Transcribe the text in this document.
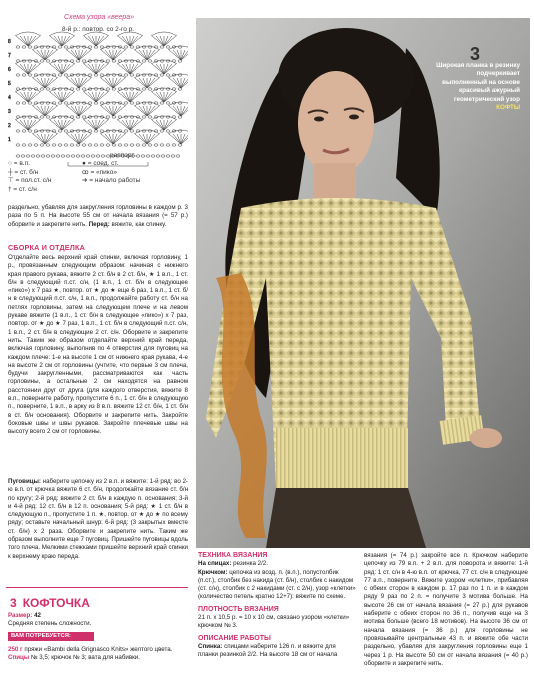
Схема узора «веера»
8-й р.: повтор. со 2-го р.
8
7
6
5
4
3
2
1
раппорт
○ = в.п.	● = соед. ст.
┼ = ст. б/н	ꝏ = «пико»
⊤ = пол.ст. с/н	➔ = начало работы
† = ст. с/н
раздельно, убавляя для закругления горловины в каждом р. 3 раза по 5 п. На высоте 55 см от начала вязания (= 57 р.) оборвите и закрепите нить. Перед: вяжите, как спинку.
СБОРКА И ОТДЕЛКА
Отделайте весь верхний край спинки, включая горловину, 1 р., провязанным следующим образом: начиная с нижнего края правого рукава, вяжите 2 ст. б/н в 2 ст. б/н, ★ 1 в.п., 1 ст. б/н в следующий п.ст. с/н, (1 в.п., 1 ст. б/н в следующее «пико») х 7 раз ★, повтор. от ★ до ★ еще 6 раз, 1 в.п., 1 ст. б/н в следующий п.ст. с/н, 1 в.п., продолжайте работу ст. б/н на петлях горловины, затем на следующем плече и на левом рукаве вяжите (1 в.п., 1 ст. б/н в следующее «пико») х 7 раз, повтор. от ★ до ★ 7 раз, 1 в.п., 1 ст. б/н в следующий п.ст. с/н, 1 в.п., 2 ст. б/н в следующие 2 ст. с/н. Оборвите и закрепите нить. Таким же образом отделайте верхний край переда, включая горловину, выполнив по 4 отверстия для пуговиц на каждом плече: 1-е на высоте 1 см от нижнего края рукава, 4-е на высоте 2 см от горловины (учтите, что первые 3 см плеча, будучи закругленными, рассматриваются как часть горловины, а остальные 2 см находятся на равном расстоянии друг от друга (для каждого отверстия, вяжите 8 в.п., поверните работу, пропустите 6 п., 1 ст. б/н в следующую п., поверните, 1 в.п., в арку из 8 в.п. вяжите 12 ст. б/н, 1 ст. б/н в ст. б/н основания). Оборвите и закрепите нить. Закройте боковые швы и швы рукавов. Закройте плечевые швы на высоту всего 2 см от горловины.
Пуговицы: наберите цепочку из 2 в.п. и вяжите: 1-й ряд: во 2-ю в.п. от крючка вяжите 6 ст. б/н, продолжайте вязание ст. б/н по кругу; 2-й ряд: вяжите 2 ст. б/н в каждую п. основания; 3-й и 4-й ряд: 12 ст. б/н в 12 п. основания; 5-й ряд: ★ 1 ст. б/н в следующую п., пропустите 1 п. ★, повтор. от ★ до ★ по всему ряду; оставьте начальный шнур: 6-й ряд: (3 закрытых вместе ст. б/н) х 2 раза. Оборвите и закрепите нить. Таким же образом выполните еще 7 пуговиц. Пришейте пуговицы вдоль того плеча. Мелкими стежками пришейте верхний край спинки к верхнему краю переда.
3 КОФТОЧКА
Размер: 42
Средняя степень сложности.
ВАМ ПОТРЕБУЕТСЯ:
250 г пряжи «Bambi della Grignasco Knits» желтого цвета.
Спицы № 3,5; крючок № 3; вата для набивки.
3
Широкая планка в резинку подчеркивает выполненный на основе красивый ажурный геометрический узор КОФТЫ
ТЕХНИКА ВЯЗАНИЯ
На спицах: резинка 2/2.
Крючком: цепочка из возд. п. (в.п.), полустолбик (п.ст.), столбик без накида (ст. б/н), столбик с накидом (ст. с/н), столбик с 2 накидами (ст. с 2/н), узор «клетки» (количество петель кратно 12+7): вяжите по схеме.
ПЛОТНОСТЬ ВЯЗАНИЯ
21 п. х 10,5 р. = 10 х 10 см, связано узором «клетки» крючком № 3.
ОПИСАНИЕ РАБОТЫ
Спинка: спицами наберите 126 п. и вяжите для планки резинкой 2/2. На высоте 18 см от начала
вязания (= 74 р.) закройте все п. Крючком наберите цепочку из 79 в.п. + 2 в.п. для поворота и вяжите: 1-й ряд: 1 ст. с/н в 4-ю в.п. от крючка, 77 ст. с/н в следующие 77 в.п., поверните. Вяжите узором «клетки», прибавляя с обеих сторон в каждом р. 17 раз по 1 п. и в каждом ряду 9 раз по 2 п. = получите 3 мотива больше. На высоте 26 см от начала вязания (= 27 р.) для рукавов наберите с обеих сторон по 36 п., получив еще на 3 мотива больше (всего 18 мотивов). На высоте 36 см от начала вязания (= 36 р.) для горловины не провязывайте центральные 43 п. и вяжите обе части раздельно, убавляя для закругления горловины еще 1 через 1 р. На высоте 50 см от начала вязания (= 40 р.) оборвите и закрепите нить.
